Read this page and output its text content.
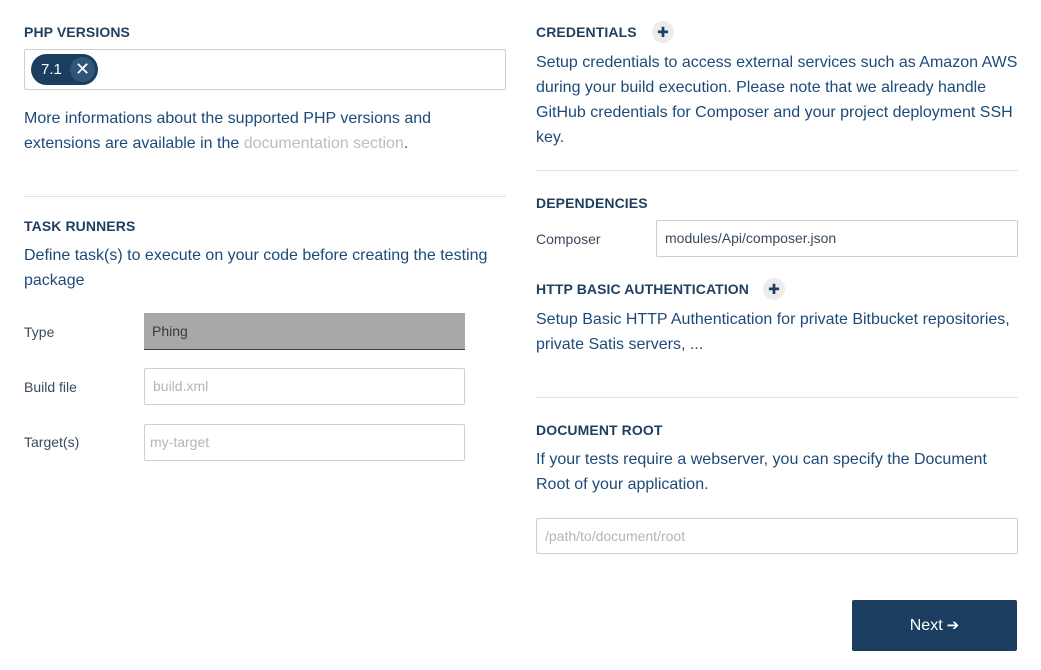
PHP VERSIONS
7.1 ✕
More informations about the supported PHP versions and extensions are available in the documentation section.
TASK RUNNERS
Define task(s) to execute on your code before creating the testing package
Type	Phing
Build file	build.xml
Target(s)	my-target
CREDENTIALS	✚
Setup credentials to access external services such as Amazon AWS during your build execution. Please note that we already handle GitHub credentials for Composer and your project deployment SSH key.
DEPENDENCIES
Composer	modules/Api/composer.json
HTTP BASIC AUTHENTICATION	✚
Setup Basic HTTP Authentication for private Bitbucket repositories, private Satis servers, ...
DOCUMENT ROOT
If your tests require a webserver, you can specify the Document Root of your application.
/path/to/document/root
Next ➔
